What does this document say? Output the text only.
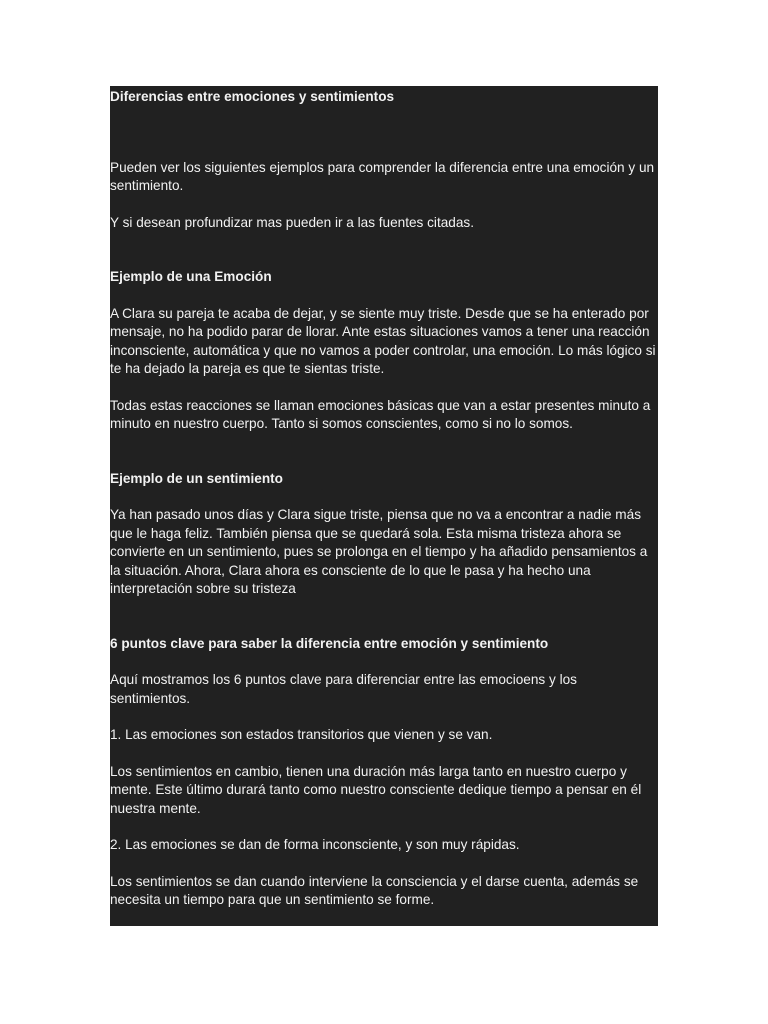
Diferencias entre emociones y sentimientos

Pueden ver los siguientes ejemplos para comprender la diferencia entre una emoción y un sentimiento.

Y si desean profundizar mas pueden ir a las fuentes citadas.

Ejemplo de una Emoción

A Clara su pareja te acaba de dejar, y se siente muy triste. Desde que se ha enterado por mensaje, no ha podido parar de llorar. Ante estas situaciones vamos a tener una reacción inconsciente, automática y que no vamos a poder controlar, una emoción. Lo más lógico si te ha dejado la pareja es que te sientas triste.

Todas estas reacciones se llaman emociones básicas que van a estar presentes minuto a minuto en nuestro cuerpo. Tanto si somos conscientes, como si no lo somos.

Ejemplo de un sentimiento

Ya han pasado unos días y Clara sigue triste, piensa que no va a encontrar a nadie más que le haga feliz. También piensa que se quedará sola. Esta misma tristeza ahora se convierte en un sentimiento, pues se prolonga en el tiempo y ha añadido pensamientos a la situación. Ahora, Clara ahora es consciente de lo que le pasa y ha hecho una interpretación sobre su tristeza

6 puntos clave para saber la diferencia entre emoción y sentimiento

Aquí mostramos los 6 puntos clave para diferenciar entre las emocioens y los sentimientos.

1. Las emociones son estados transitorios que vienen y se van.

Los sentimientos en cambio, tienen una duración más larga tanto en nuestro cuerpo y mente. Este último durará tanto como nuestro consciente dedique tiempo a pensar en él nuestra mente.

2. Las emociones se dan de forma inconsciente, y son muy rápidas.

Los sentimientos se dan cuando interviene la consciencia y el darse cuenta, además se necesita un tiempo para que un sentimiento se forme.
